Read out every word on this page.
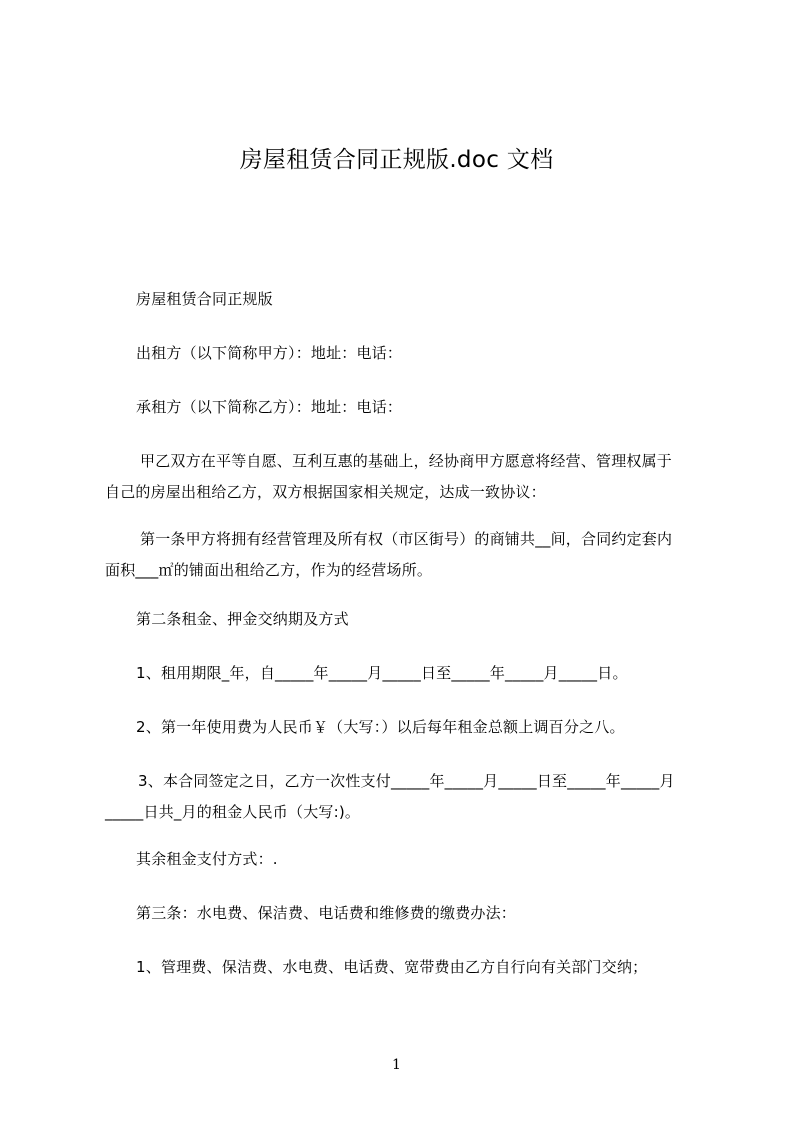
房屋租赁合同正规版.doc 文档
房屋租赁合同正规版
出租方（以下简称甲方）：地址：电话：
承租方（以下简称乙方）：地址：电话：
甲乙双方在平等自愿、互利互惠的基础上，经协商甲方愿意将经营、管理权属于
自己的房屋出租给乙方，双方根据国家相关规定，达成一致协议：
第一条甲方将拥有经营管理及所有权（市区街号）的商铺共__间，合同约定套内
面积___㎡的铺面出租给乙方，作为的经营场所。
第二条租金、押金交纳期及方式
1、租用期限_年，自_____年_____月_____日至_____年_____月_____日。
2、第一年使用费为人民币￥（大写：）以后每年租金总额上调百分之八。
3、本合同签定之日，乙方一次性支付_____年_____月_____日至_____年_____月
_____日共_月的租金人民币（大写:)。
其余租金支付方式：.
第三条：水电费、保洁费、电话费和维修费的缴费办法：
1、管理费、保洁费、水电费、电话费、宽带费由乙方自行向有关部门交纳；
1
